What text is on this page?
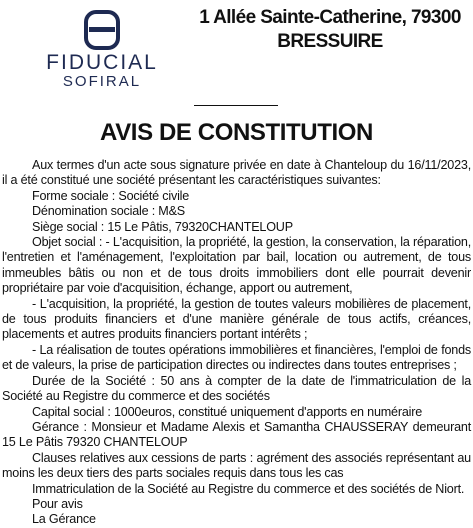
FIDUCIAL
SOFIRAL
1 Allée Sainte-Catherine, 79300
BRESSUIRE
AVIS DE CONSTITUTION

Aux termes d'un acte sous signature privée en date à Chanteloup du 16/11/2023, il a été constitué une société présentant les caractéristiques suivantes:

Forme sociale : Société civile

Dénomination sociale : M&S

Siège social : 15 Le Pâtis, 79320CHANTELOUP

Objet social : - L'acquisition, la propriété, la gestion, la conservation, la réparation, l'entretien et l'aménagement, l'exploitation par bail, location ou autrement, de tous immeubles bâtis ou non et de tous droits immobiliers dont elle pourrait devenir propriétaire par voie d'acquisition, échange, apport ou autrement,

- L'acquisition, la propriété, la gestion de toutes valeurs mobilières de placement, de tous produits financiers et d'une manière générale de tous actifs, créances, placements et autres produits financiers portant intérêts ;

- La réalisation de toutes opérations immobilières et financières, l'emploi de fonds et de valeurs, la prise de participation directes ou indirectes dans toutes entreprises ;

Durée de la Société : 50 ans à compter de la date de l'immatriculation de la Société au Registre du commerce et des sociétés

Capital social : 1000euros, constitué uniquement d'apports en numéraire

Gérance : Monsieur et Madame Alexis et Samantha CHAUSSERAY demeurant 15 Le Pâtis 79320 CHANTELOUP

Clauses relatives aux cessions de parts : agrément des associés représentant au moins les deux tiers des parts sociales requis dans tous les cas

Immatriculation de la Société au Registre du commerce et des sociétés de Niort.

Pour avis

La Gérance
